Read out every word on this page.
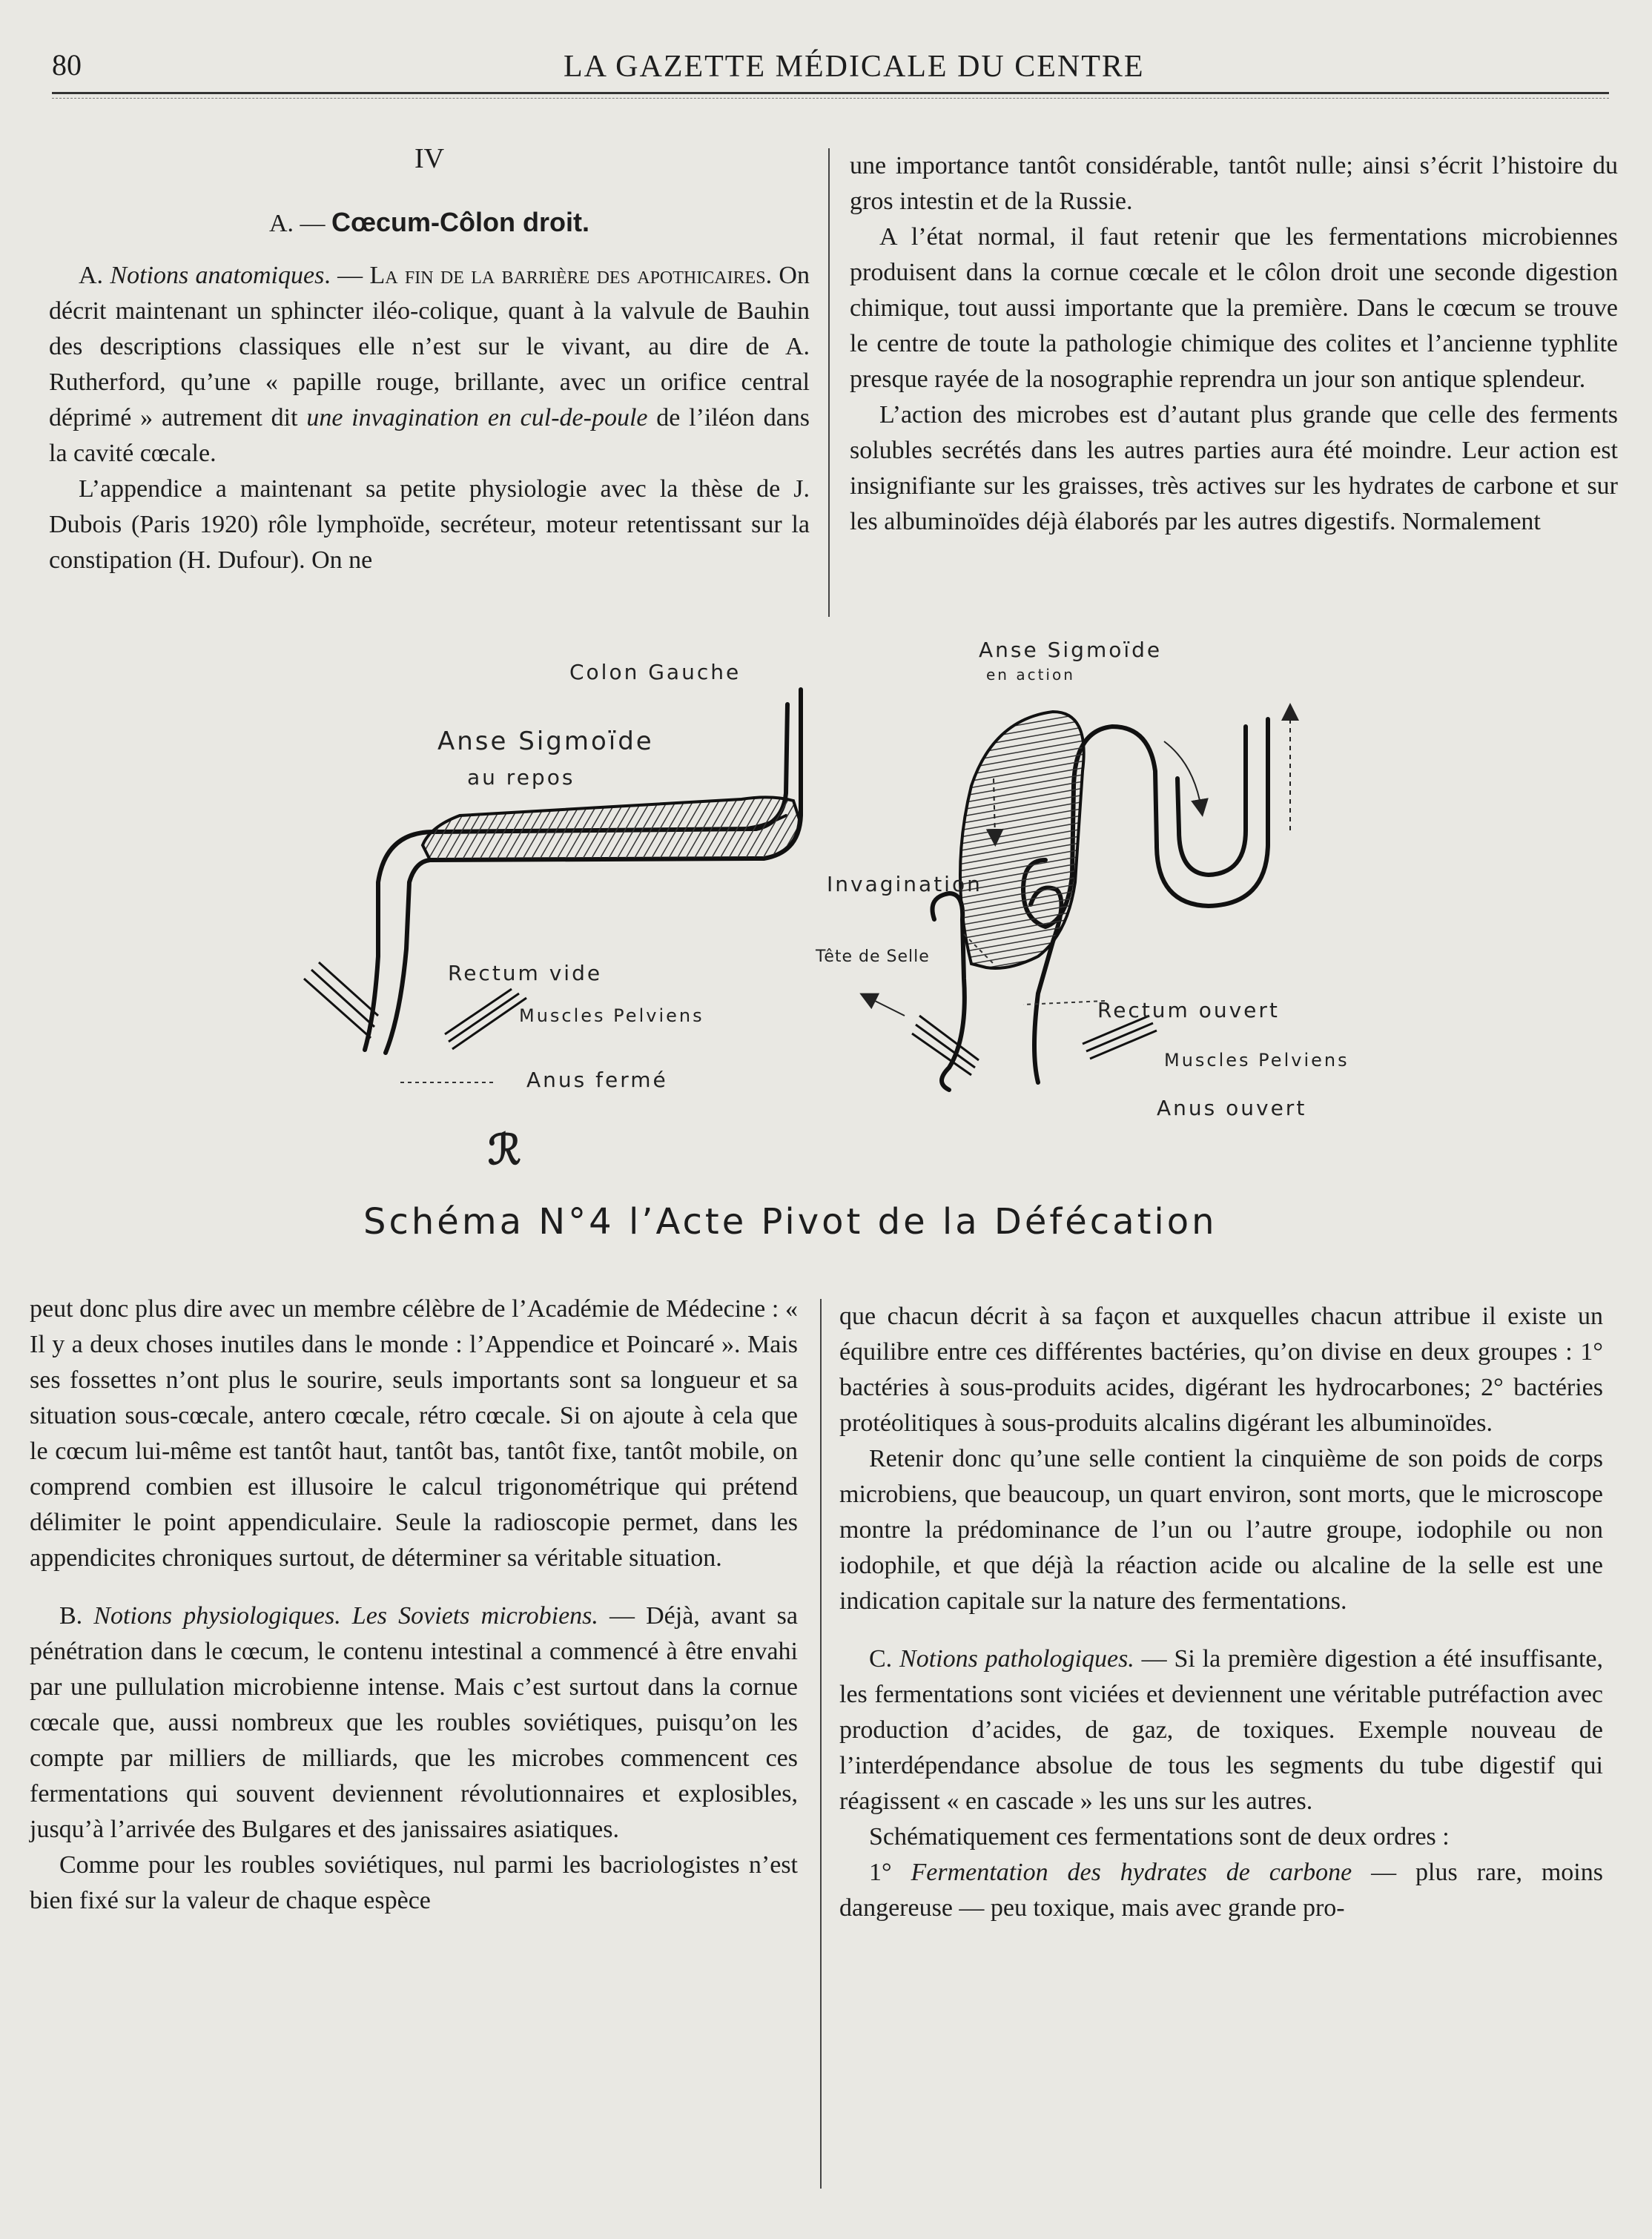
80	LA GAZETTE MÉDICALE DU CENTRE

IV

A. — Cœcum-Côlon droit.

A. Notions anatomiques. — La fin de la barrière des apothicaires. On décrit maintenant un sphincter iléo-colique, quant à la valvule de Bauhin des descriptions classiques elle n’est sur le vivant, au dire de A. Rutherford, qu’une « papille rouge, brillante, avec un orifice central déprimé » autrement dit une invagination en cul-de-poule de l’iléon dans la cavité cœcale.

L’appendice a maintenant sa petite physiologie avec la thèse de J. Dubois (Paris 1920) rôle lymphoïde, secréteur, moteur retentissant sur la constipation (H. Dufour). On ne

une importance tantôt considérable, tantôt nulle; ainsi s’écrit l’histoire du gros intestin et de la Russie.

A l’état normal, il faut retenir que les fermentations microbiennes produisent dans la cornue cœcale et le côlon droit une seconde digestion chimique, tout aussi importante que la première. Dans le cœcum se trouve le centre de toute la pathologie chimique des colites et l’ancienne typhlite presque rayée de la nosographie reprendra un jour son antique splendeur.

L’action des microbes est d’autant plus grande que celle des ferments solubles secrétés dans les autres parties aura été moindre. Leur action est insignifiante sur les graisses, très actives sur les hydrates de carbone et sur les albuminoïdes déjà élaborés par les autres digestifs. Normalement

Colon Gauche
Anse Sigmoïde
au repos
Rectum vide
Muscles Pelviens
Anus fermé
Anse Sigmoïde
en action
Invagination
Tête de Selle
Rectum ouvert
Muscles Pelviens
Anus ouvert
ℛ
Schéma N°4 l’Acte Pivot de la Défécation

peut donc plus dire avec un membre célèbre de l’Académie de Médecine : « Il y a deux choses inutiles dans le monde : l’Appendice et Poincaré ». Mais ses fossettes n’ont plus le sourire, seuls importants sont sa longueur et sa situation sous-cœcale, antero cœcale, rétro cœcale. Si on ajoute à cela que le cœcum lui-même est tantôt haut, tantôt bas, tantôt fixe, tantôt mobile, on comprend combien est illusoire le calcul trigonométrique qui prétend délimiter le point appendiculaire. Seule la radioscopie permet, dans les appendicites chroniques surtout, de déterminer sa véritable situation.

B. Notions physiologiques. Les Soviets microbiens. — Déjà, avant sa pénétration dans le cœcum, le contenu intestinal a commencé à être envahi par une pullulation microbienne intense. Mais c’est surtout dans la cornue cœcale que, aussi nombreux que les roubles soviétiques, puisqu’on les compte par milliers de milliards, que les microbes commencent ces fermentations qui souvent deviennent révolutionnaires et explosibles, jusqu’à l’arrivée des Bulgares et des janissaires asiatiques.

Comme pour les roubles soviétiques, nul parmi les bacriologistes n’est bien fixé sur la valeur de chaque espèce

que chacun décrit à sa façon et auxquelles chacun attribue il existe un équilibre entre ces différentes bactéries, qu’on divise en deux groupes : 1° bactéries à sous-produits acides, digérant les hydrocarbones; 2° bactéries protéolitiques à sous-produits alcalins digérant les albuminoïdes.

Retenir donc qu’une selle contient la cinquième de son poids de corps microbiens, que beaucoup, un quart environ, sont morts, que le microscope montre la prédominance de l’un ou l’autre groupe, iodophile ou non iodophile, et que déjà la réaction acide ou alcaline de la selle est une indication capitale sur la nature des fermentations.

C. Notions pathologiques. — Si la première digestion a été insuffisante, les fermentations sont viciées et deviennent une véritable putréfaction avec production d’acides, de gaz, de toxiques. Exemple nouveau de l’interdépendance absolue de tous les segments du tube digestif qui réagissent « en cascade » les uns sur les autres.

Schématiquement ces fermentations sont de deux ordres :

1° Fermentation des hydrates de carbone — plus rare, moins dangereuse — peu toxique, mais avec grande pro-
